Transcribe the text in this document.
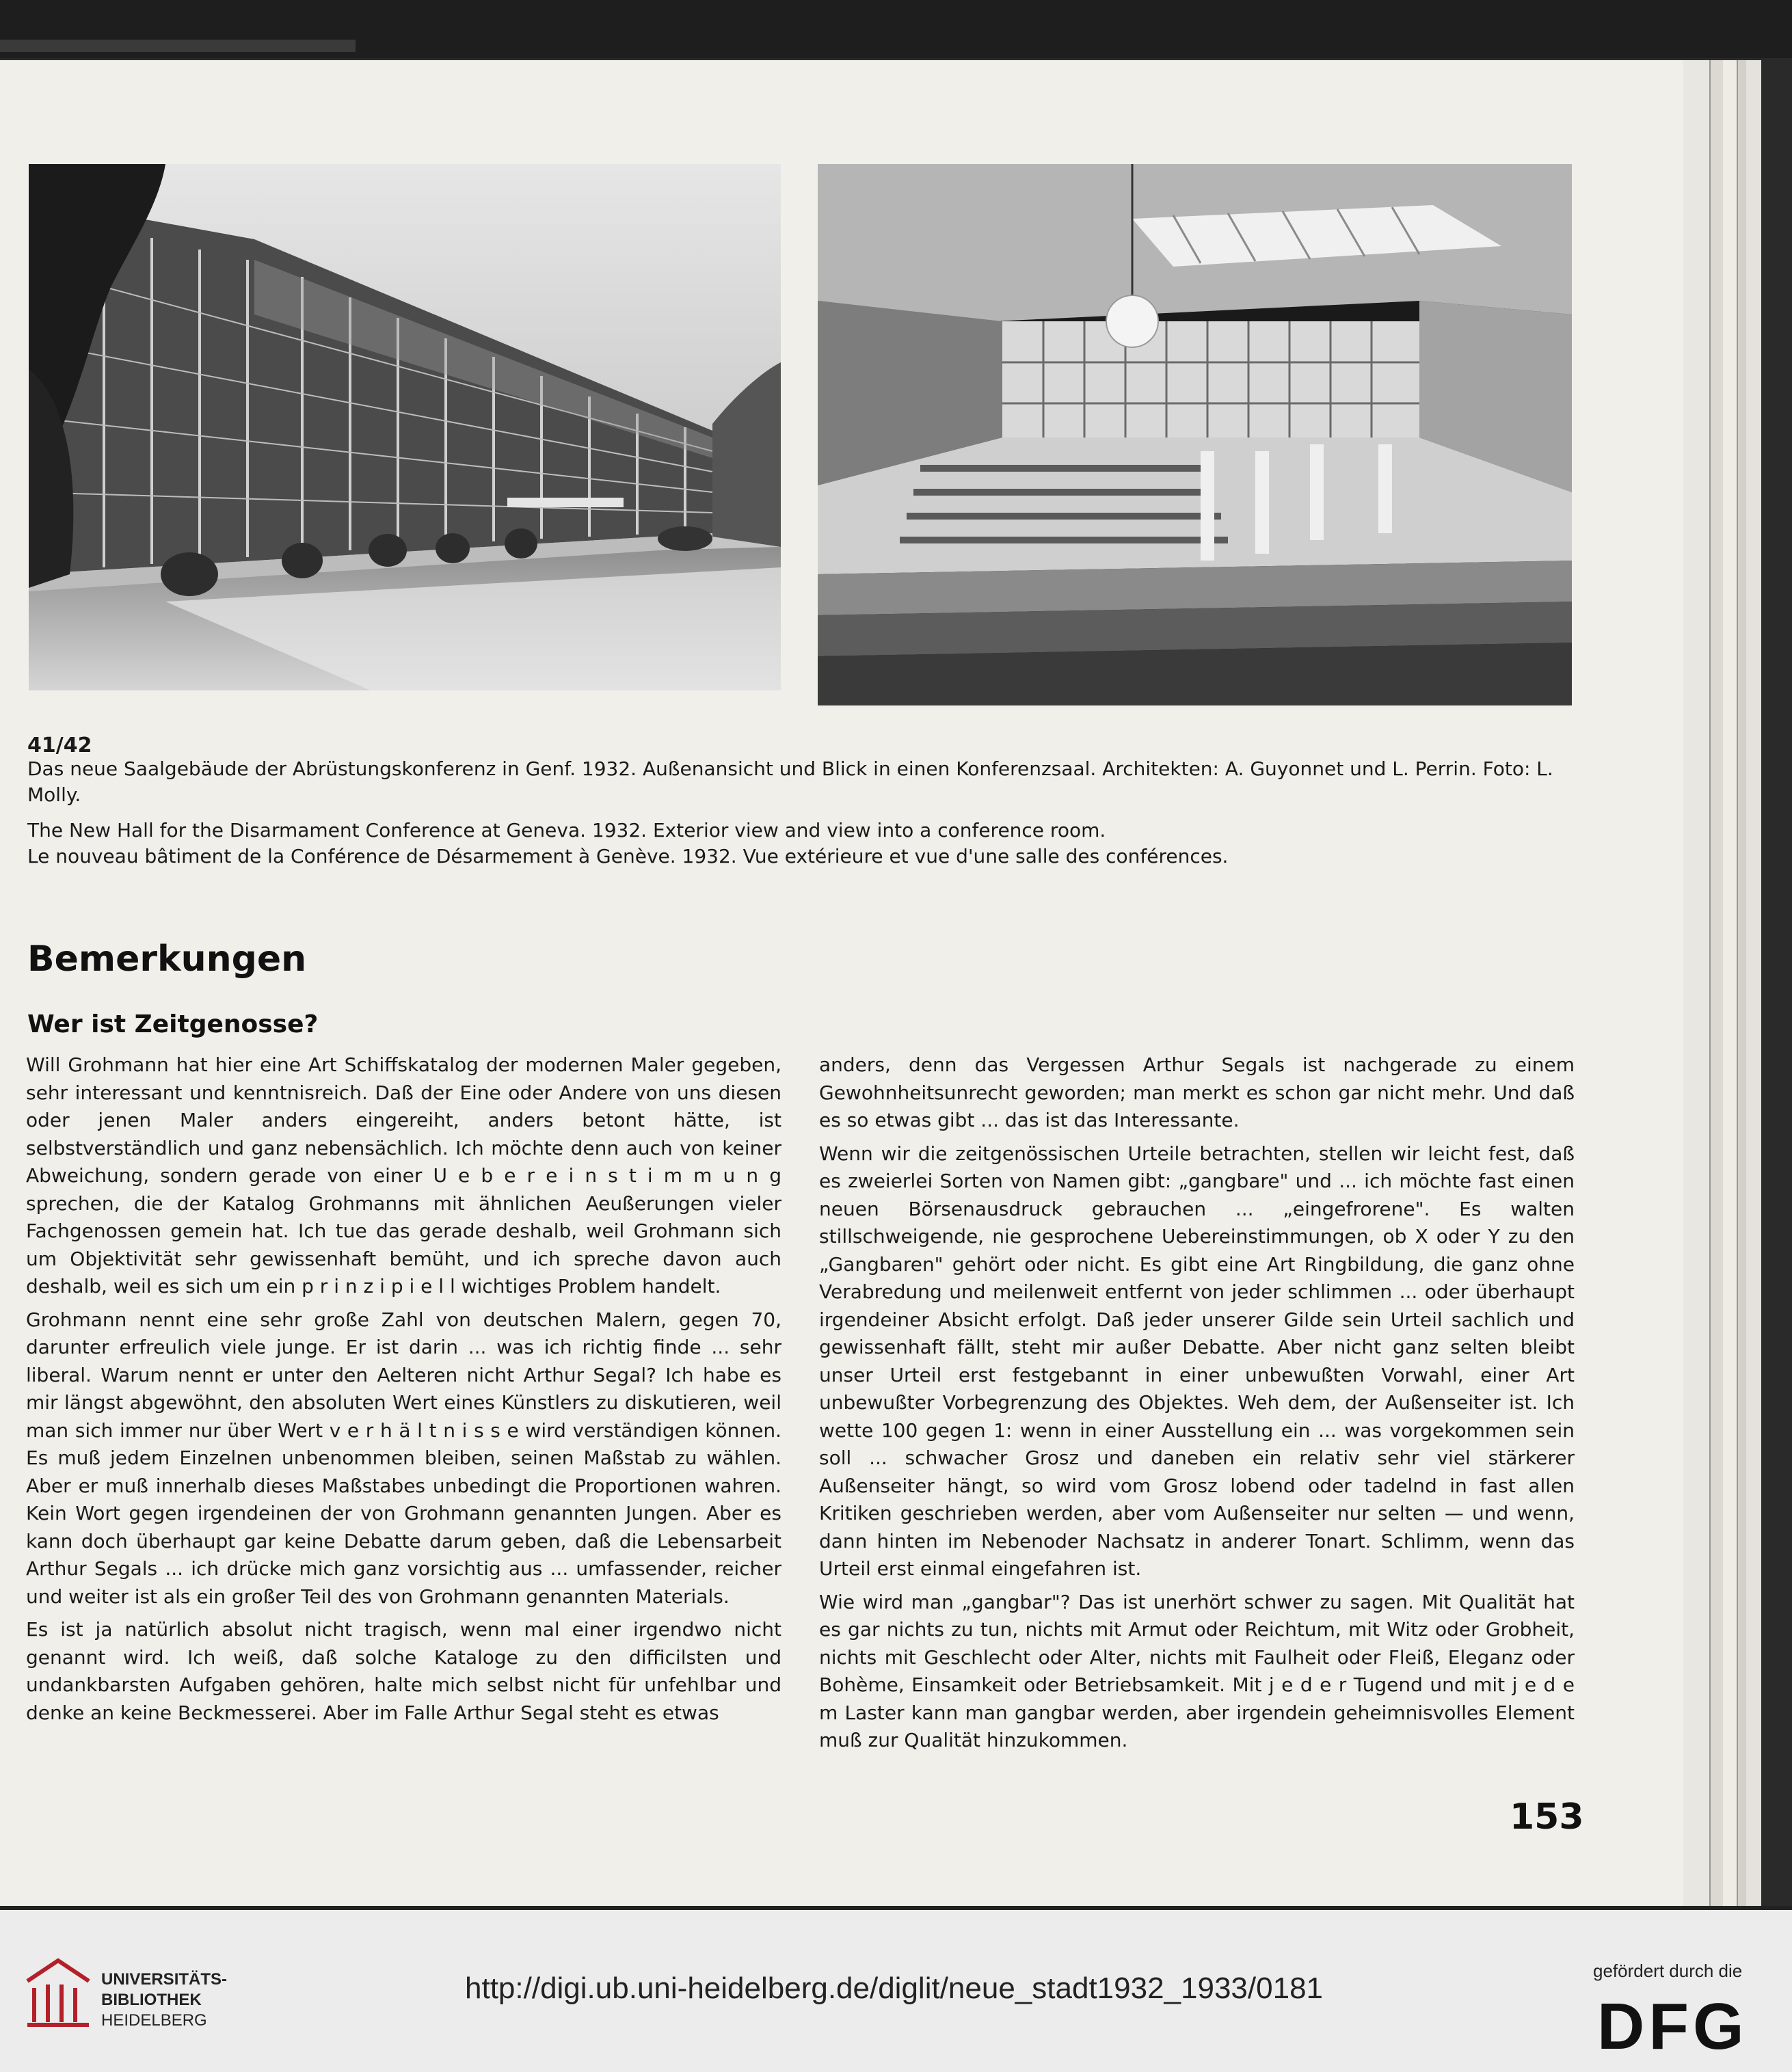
41/42
Das neue Saalgebäude der Abrüstungskonferenz in Genf. 1932. Außenansicht und Blick in einen Konferenzsaal. Architekten: A. Guyonnet und L. Perrin. Foto: L. Molly.
The New Hall for the Disarmament Conference at Geneva. 1932. Exterior view and view into a conference room.
Le nouveau bâtiment de la Conférence de Désarmement à Genève. 1932. Vue extérieure et vue d'une salle des conférences.
Bemerkungen
Wer ist Zeitgenosse?

Will Grohmann hat hier eine Art Schiffskatalog der modernen Maler gegeben, sehr interessant und kenntnisreich. Daß der Eine oder Andere von uns diesen oder jenen Maler anders eingereiht, anders betont hätte, ist selbstverständlich und ganz nebensächlich. Ich möchte denn auch von keiner Abweichung, sondern gerade von einer U e b e r e i n s t i m m u n g sprechen, die der Katalog Grohmanns mit ähnlichen Aeußerungen vieler Fachgenossen gemein hat. Ich tue das gerade deshalb, weil Grohmann sich um Objektivität sehr gewissenhaft bemüht, und ich spreche davon auch deshalb, weil es sich um ein p r i n z i p i e l l wichtiges Problem handelt.

Grohmann nennt eine sehr große Zahl von deutschen Malern, gegen 70, darunter erfreulich viele junge. Er ist darin ... was ich richtig finde ... sehr liberal. Warum nennt er unter den Aelteren nicht Arthur Segal? Ich habe es mir längst abgewöhnt, den absoluten Wert eines Künstlers zu diskutieren, weil man sich immer nur über Wert v e r h ä l t n i s s e wird verständigen können. Es muß jedem Einzelnen unbenommen bleiben, seinen Maßstab zu wählen. Aber er muß innerhalb dieses Maßstabes unbedingt die Proportionen wahren. Kein Wort gegen irgendeinen der von Grohmann genannten Jungen. Aber es kann doch überhaupt gar keine Debatte darum geben, daß die Lebensarbeit Arthur Segals ... ich drücke mich ganz vorsichtig aus ... umfassender, reicher und weiter ist als ein großer Teil des von Grohmann genannten Materials.

Es ist ja natürlich absolut nicht tragisch, wenn mal einer irgendwo nicht genannt wird. Ich weiß, daß solche Kataloge zu den difficilsten und undankbarsten Aufgaben gehören, halte mich selbst nicht für unfehlbar und denke an keine Beckmesserei. Aber im Falle Arthur Segal steht es etwas

anders, denn das Vergessen Arthur Segals ist nachgerade zu einem Gewohnheitsunrecht geworden; man merkt es schon gar nicht mehr. Und daß es so etwas gibt ... das ist das Interessante.

Wenn wir die zeitgenössischen Urteile betrachten, stellen wir leicht fest, daß es zweierlei Sorten von Namen gibt: „gangbare" und ... ich möchte fast einen neuen Börsenausdruck gebrauchen ... „eingefrorene". Es walten stillschweigende, nie gesprochene Uebereinstimmungen, ob X oder Y zu den „Gangbaren" gehört oder nicht. Es gibt eine Art Ringbildung, die ganz ohne Verabredung und meilenweit entfernt von jeder schlimmen ... oder überhaupt irgendeiner Absicht erfolgt. Daß jeder unserer Gilde sein Urteil sachlich und gewissenhaft fällt, steht mir außer Debatte. Aber nicht ganz selten bleibt unser Urteil erst festgebannt in einer unbewußten Vorwahl, einer Art unbewußter Vorbegrenzung des Objektes. Weh dem, der Außenseiter ist. Ich wette 100 gegen 1: wenn in einer Ausstellung ein ... was vorgekommen sein soll ... schwacher Grosz und daneben ein relativ sehr viel stärkerer Außenseiter hängt, so wird vom Grosz lobend oder tadelnd in fast allen Kritiken geschrieben werden, aber vom Außenseiter nur selten — und wenn, dann hinten im Nebenoder Nachsatz in anderer Tonart. Schlimm, wenn das Urteil erst einmal eingefahren ist.

Wie wird man „gangbar"? Das ist unerhört schwer zu sagen. Mit Qualität hat es gar nichts zu tun, nichts mit Armut oder Reichtum, mit Witz oder Grobheit, nichts mit Geschlecht oder Alter, nichts mit Faulheit oder Fleiß, Eleganz oder Bohème, Einsamkeit oder Betriebsamkeit. Mit j e d e r Tugend und mit j e d e m Laster kann man gangbar werden, aber irgendein geheimnisvolles Element muß zur Qualität hinzukommen.

153
UNIVERSITÄTS-
BIBLIOTHEK
HEIDELBERG
http://digi.ub.uni-heidelberg.de/diglit/neue_stadt1932_1933/0181
gefördert durch die
DFG
